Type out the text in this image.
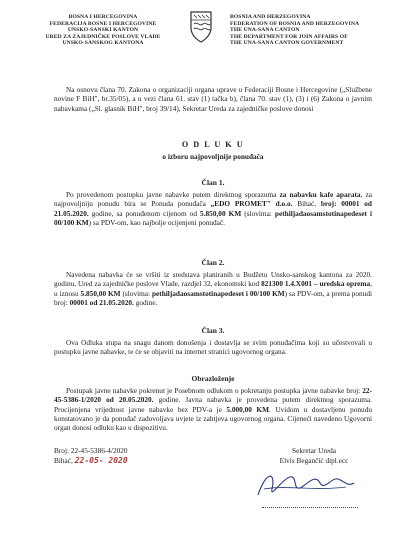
BOSNA I HERCEGOVINA
FEDERACIJA BOSNE I HERCEGOVINE
UNSKO-SANSKI KANTON
URED ZA ZAJEDNIČKE POSLOVE VLADE
UNSKO-SANSKOG KANTONA
BOSNIA AND HERZEGOVINA
FEDERATION OF BOSNIA AND HERZEGOVINA
THE UNA-SANA CANTON
THE DEPARTMENT FOR JOIN AFFAIRS OF
THE UNA-SANA CANTON GOVERNMENT
Na osnovu člana 70. Zakona o organizaciji organa uprave u Federaciji Bosne i Hercegovine („Službene novine F BiH", br.35/05), a u vezi člana 61. stav (1) tačka b), člana 70. stav (1), (3) i (6) Zakona o javnim nabavkama („Sl. glasnik BiH", broj 39/14), Sekretar Ureda za zajedničke poslove donosi
O D L U K U
o izboru najpovoljnije ponuđača
Član 1.
Po provedenom postupku javne nabavke putem direktnog sporazuma za nabavku kafe aparata, za najpovoljniju ponudu bira se Ponuda ponuđača „EDO PROMET" d.o.o. Bihać, broj: 00001 od 21.05.2020. godine, sa ponuđenom cijenom od 5.850,00 KM (slovima: pethiljadaosamstotinapedeset i 00/100 KM) sa PDV-om, kao najbolje ocijenjeni ponuđač.
Član 2.
Navedena nabavka će se vršiti iz sredstava planiranih u Budžetu Unsko-sanskog kantona za 2020. godinu, Ured za zajedničke poslove Vlade, razdjel 32, ekonomski kod 821300 1.4.X001 – uredska oprema, u iznosu 5.850,00 KM (slovima: pethiljadaosamstotinapedeset i 00/100 KM) sa PDV-om, a prema ponudi broj: 00001 od 21.05.2020. godine.
Član 3.
Ova Odluka stupa na snagu danom donošenja i dostavlja se svim ponuđačima koji su učestvovali u postupku javne nabavke, te će se objaviti na internet stranici ugovornog organa.
Obrazloženje
Postupak javne nabavke pokrenut je Posebnom odlukom o pokretanju postupka javne nabavke broj: 22-45-5386-1/2020 od 20.05.2020. godine. Javna nabavka je provedena putem direktnog sporazuma. Procijenjena vrijednost javne nabavke bez PDV-a je 5.000,00 KM. Uvidom u dostavljenu ponudu konstatovano je da ponuđač zadovoljava uvjete iz zahtjeva ugovornog organa. Cijeneći navedeno Ugovorni organ donosi odluku kao u dispozitivu.
Broj: 22-45-5386-4/2020
Bihać, 22-05- 2020
Sekretar Ureda
Elvis Begančić dipl.ecc
